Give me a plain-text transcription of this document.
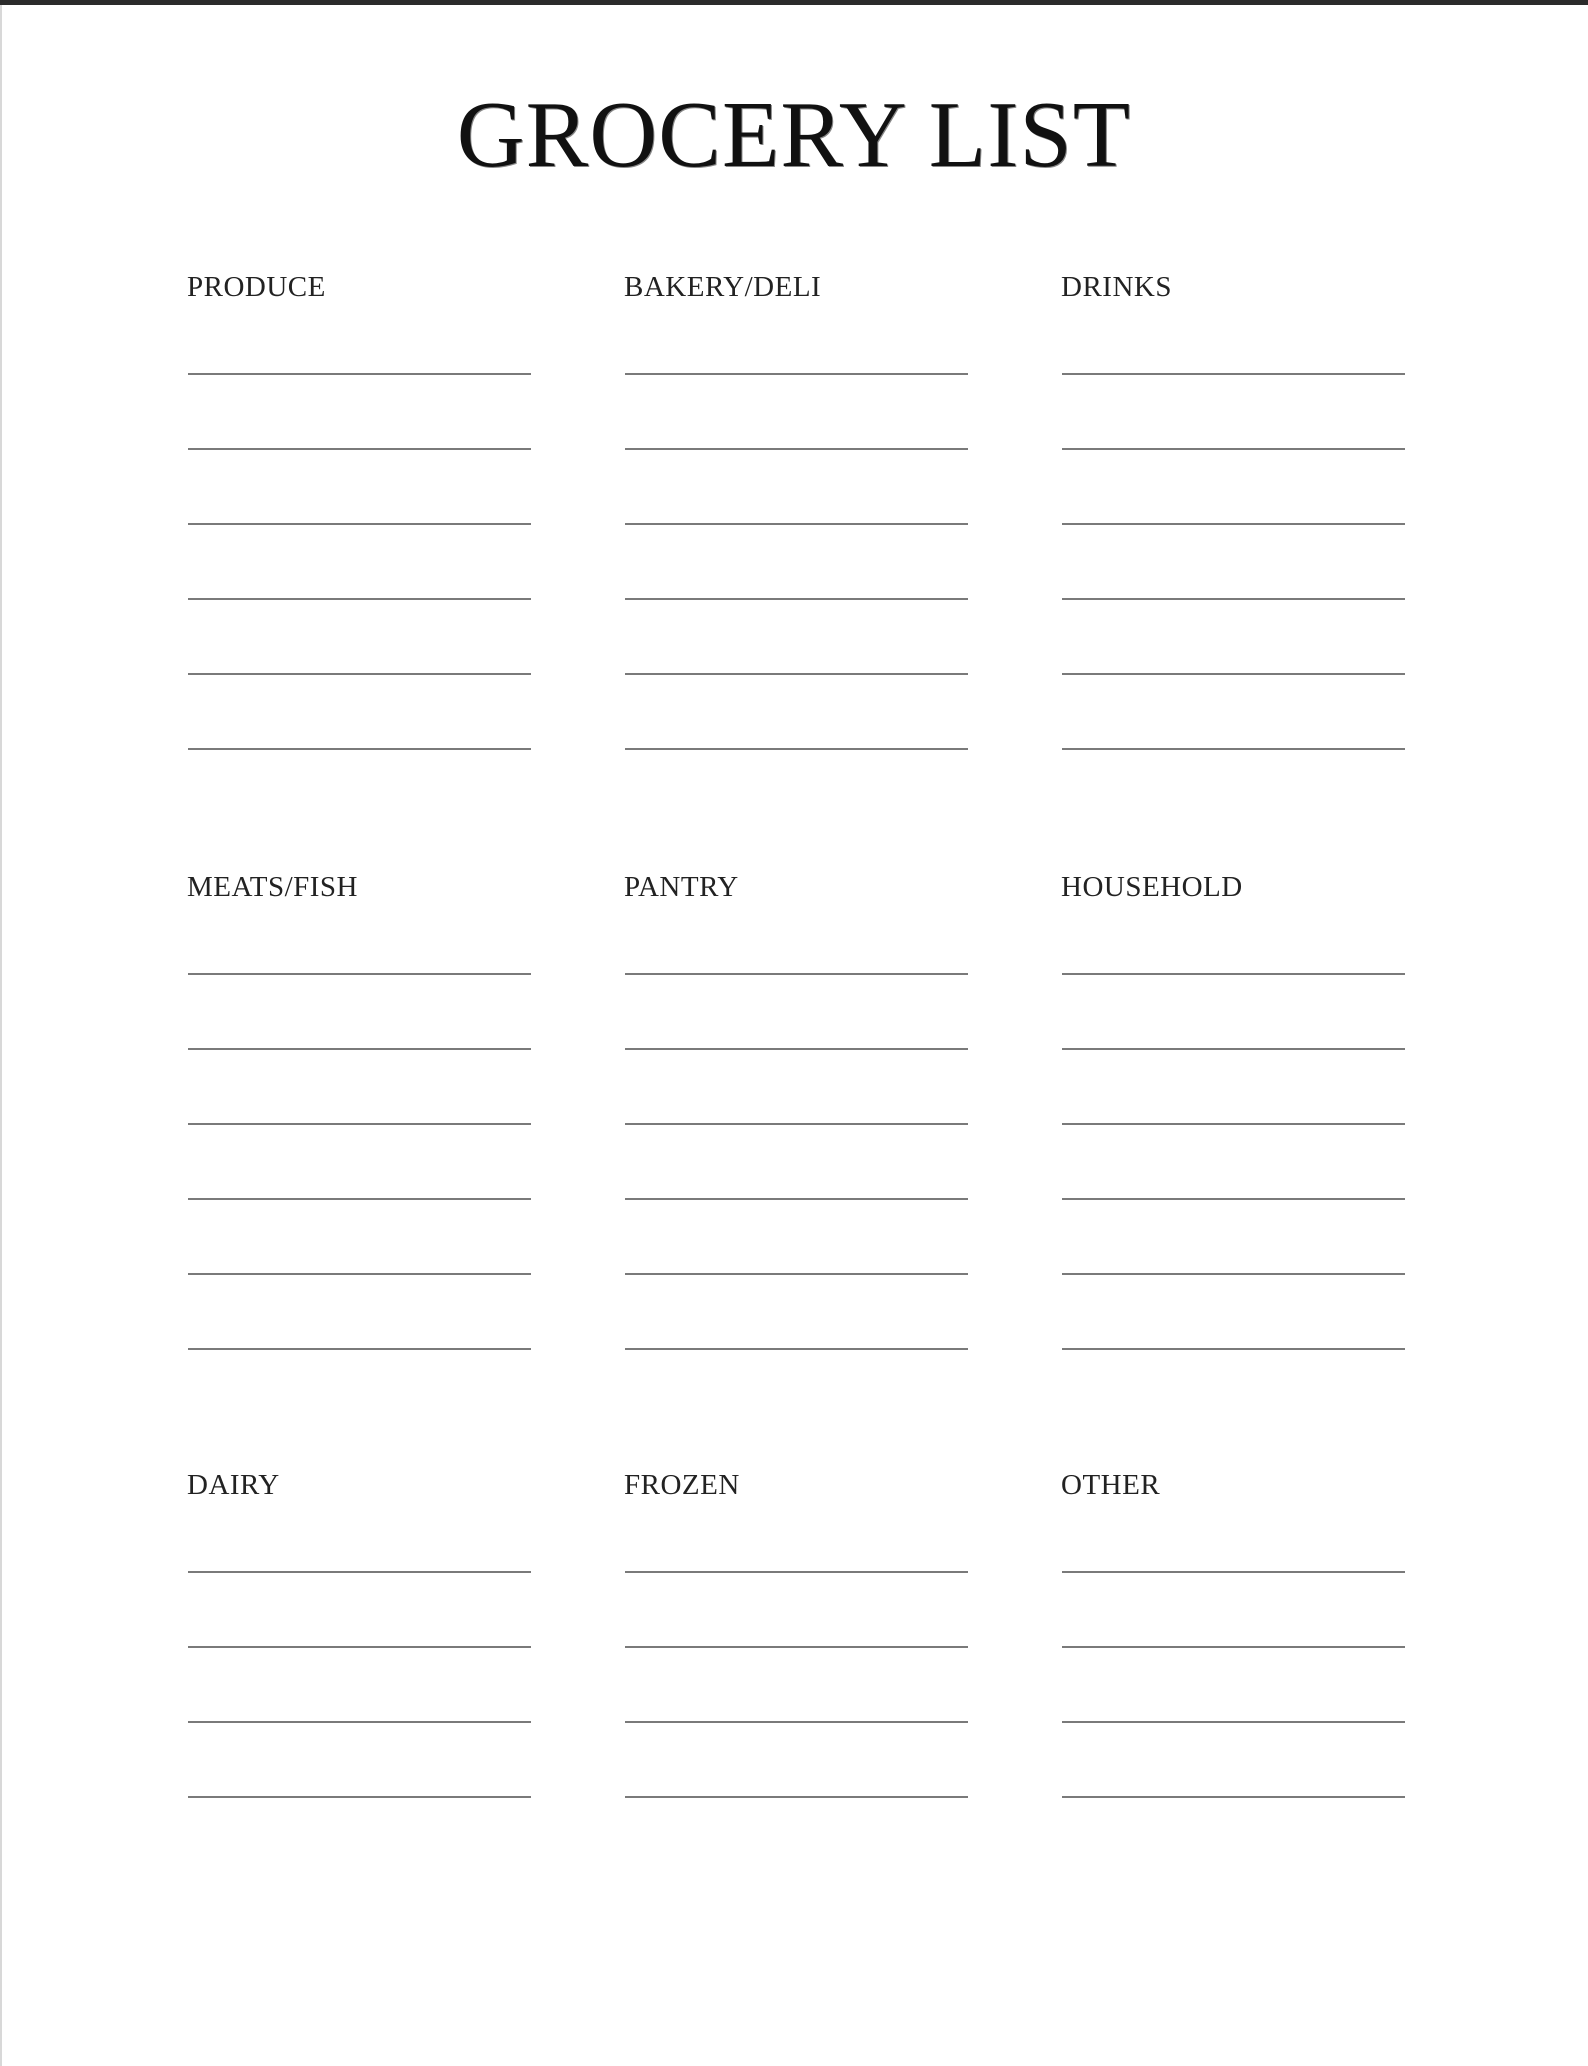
GROCERY LIST
PRODUCE	BAKERY/DELI	DRINKS
MEATS/FISH	PANTRY	HOUSEHOLD
DAIRY	FROZEN	OTHER
